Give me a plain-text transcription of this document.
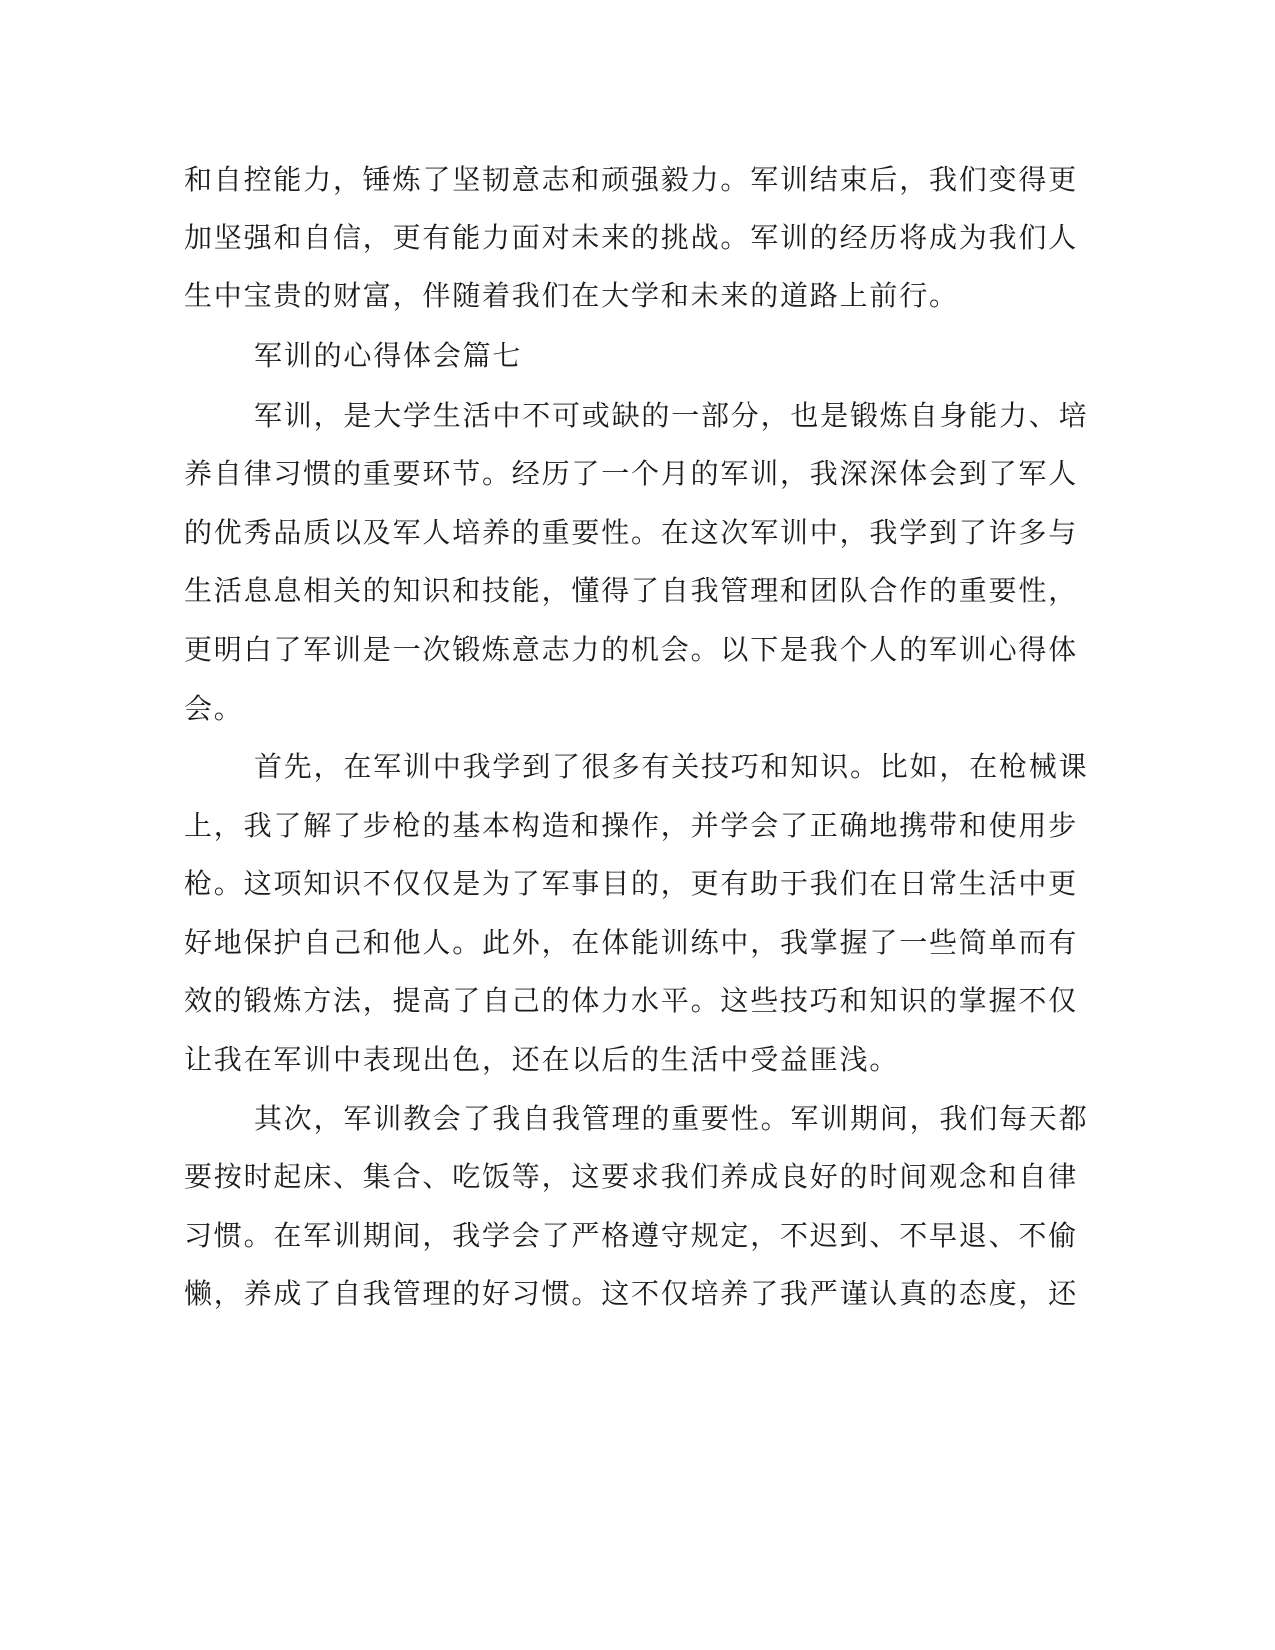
和自控能力，锤炼了坚韧意志和顽强毅力。军训结束后，我们变得更
加坚强和自信，更有能力面对未来的挑战。军训的经历将成为我们人
生中宝贵的财富，伴随着我们在大学和未来的道路上前行。
军训的心得体会篇七
军训，是大学生活中不可或缺的一部分，也是锻炼自身能力、培
养自律习惯的重要环节。经历了一个月的军训，我深深体会到了军人
的优秀品质以及军人培养的重要性。在这次军训中，我学到了许多与
生活息息相关的知识和技能，懂得了自我管理和团队合作的重要性，
更明白了军训是一次锻炼意志力的机会。以下是我个人的军训心得体
会。
首先，在军训中我学到了很多有关技巧和知识。比如，在枪械课
上，我了解了步枪的基本构造和操作，并学会了正确地携带和使用步
枪。这项知识不仅仅是为了军事目的，更有助于我们在日常生活中更
好地保护自己和他人。此外，在体能训练中，我掌握了一些简单而有
效的锻炼方法，提高了自己的体力水平。这些技巧和知识的掌握不仅
让我在军训中表现出色，还在以后的生活中受益匪浅。
其次，军训教会了我自我管理的重要性。军训期间，我们每天都
要按时起床、集合、吃饭等，这要求我们养成良好的时间观念和自律
习惯。在军训期间，我学会了严格遵守规定，不迟到、不早退、不偷
懒，养成了自我管理的好习惯。这不仅培养了我严谨认真的态度，还
